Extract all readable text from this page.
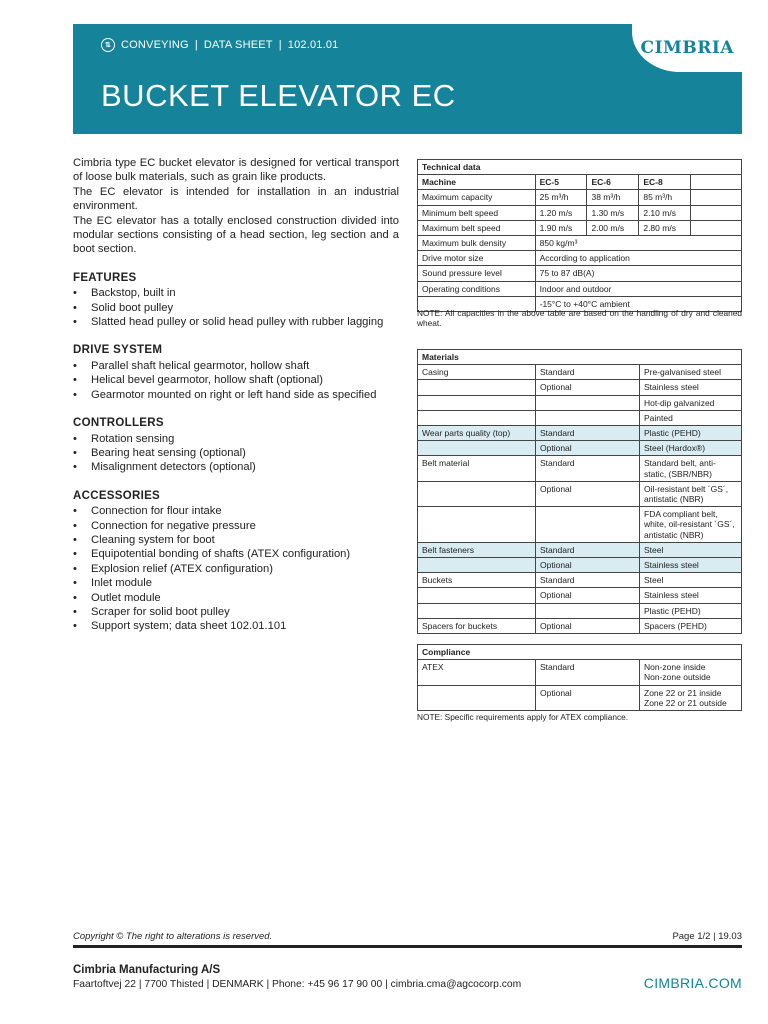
⇅ CONVEYING | DATA SHEET | 102.01.01
BUCKET ELEVATOR EC
CIMBRIA

Cimbria type EC bucket elevator is designed for vertical transport of loose bulk materials, such as grain like products.

The EC elevator is intended for installation in an industrial environment.

The EC elevator has a totally enclosed construction divided into modular sections consisting of a head section, leg section and a boot section.

FEATURES
• Backstop, built in
• Solid boot pulley
• Slatted head pulley or solid head pulley with rubber lagging
DRIVE SYSTEM
• Parallel shaft helical gearmotor, hollow shaft
• Helical bevel gearmotor, hollow shaft (optional)
• Gearmotor mounted on right or left hand side as specified
CONTROLLERS
• Rotation sensing
• Bearing heat sensing (optional)
• Misalignment detectors (optional)
ACCESSORIES
• Connection for flour intake
• Connection for negative pressure
• Cleaning system for boot
• Equipotential bonding of shafts (ATEX configuration)
• Explosion relief (ATEX configuration)
• Inlet module
• Outlet module
• Scraper for solid boot pulley
• Support system; data sheet 102.01.101
Technical data				
Machine	EC-5	EC-6	EC-8	
Maximum capacity	25 m³/h	38 m³/h	85 m³/h	
Minimum belt speed	1.20 m/s	1.30 m/s	2.10 m/s	
Maximum belt speed	1.90 m/s	2.00 m/s	2.80 m/s	
Maximum bulk density	850 kg/m³			
Drive motor size	According to application			
Sound pressure level	75 to 87 dB(A)			
Operating conditions	Indoor and outdoor			
	-15°C to +40°C ambient			
NOTE: All capacities in the above table are based on the handling of dry and cleaned wheat.
Materials		
Casing	Standard	Pre-galvanised steel
	Optional	Stainless steel
		Hot-dip galvanized
		Painted
Wear parts quality (top)	Standard	Plastic (PEHD)
	Optional	Steel (Hardox®)
Belt material	Standard	Standard belt, anti-static, (SBR/NBR)
	Optional	Oil-resistant belt ´GS´, antistatic (NBR)
		FDA compliant belt, white, oil-resistant ´GS´, antistatic (NBR)
Belt fasteners	Standard	Steel
	Optional	Stainless steel
Buckets	Standard	Steel
	Optional	Stainless steel
		Plastic (PEHD)
Spacers for buckets	Optional	Spacers (PEHD)
Compliance		
ATEX	Standard	Non-zone inside
Non-zone outside
	Optional	Zone 22 or 21 inside
Zone 22 or 21 outside
NOTE: Specific requirements apply for ATEX compliance.
Copyright © The right to alterations is reserved.	Page 1/2 | 19.03
Cimbria Manufacturing A/S
Faartoftvej 22 | 7700 Thisted | DENMARK | Phone: +45 96 17 90 00 | cimbria.cma@agcocorp.com	CIMBRIA.COM
